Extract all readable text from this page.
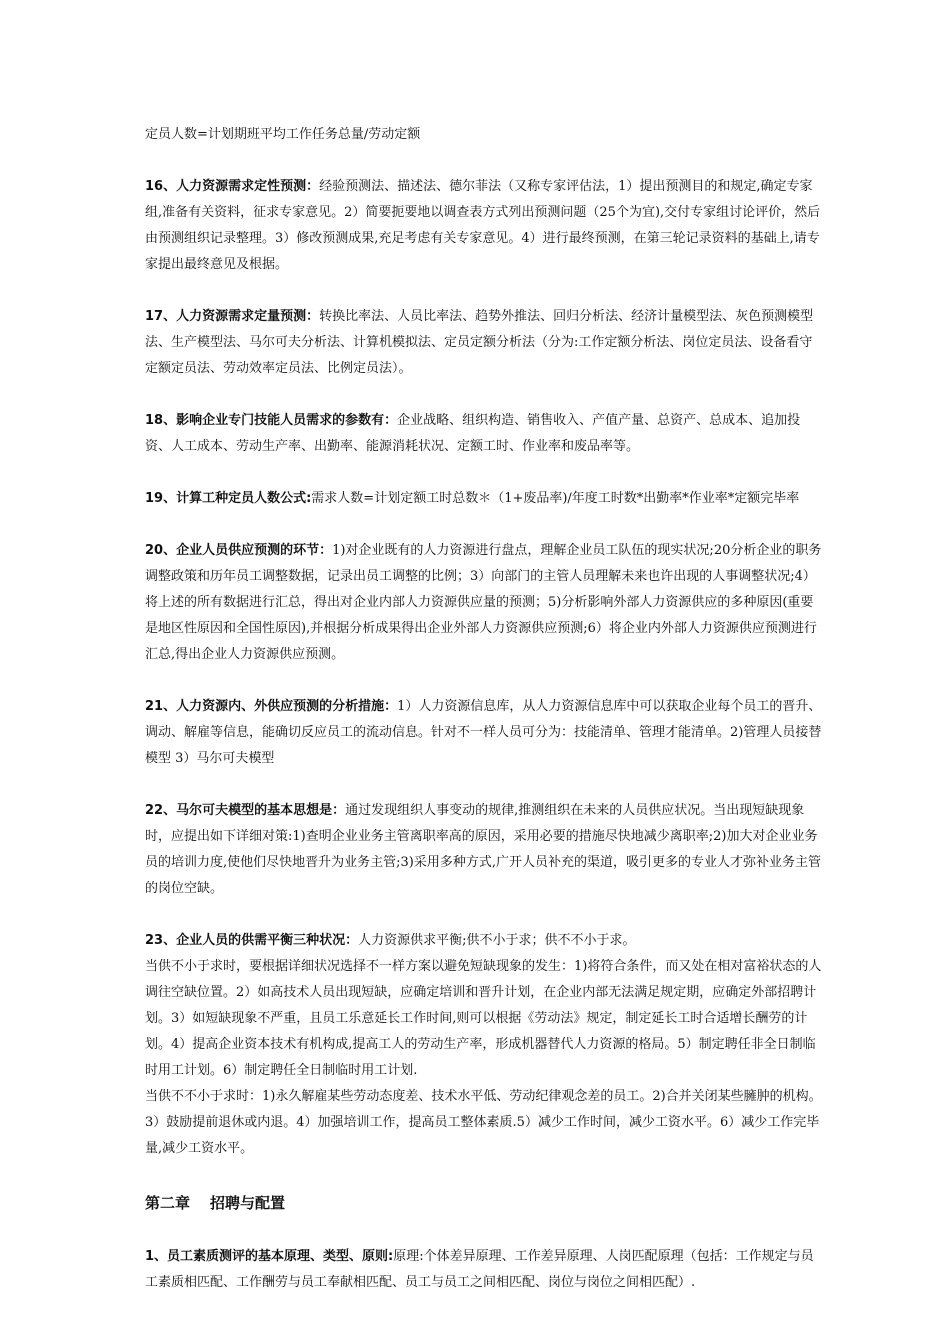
定员人数=计划期班平均工作任务总量/劳动定额

16、人力资源需求定性预测：经验预测法、描述法、德尔菲法（又称专家评估法，1）提出预测目的和规定,确定专家组,准备有关资料，征求专家意见。2）简要扼要地以调查表方式列出预测问题（25个为宜),交付专家组讨论评价，然后由预测组织记录整理。3）修改预测成果,充足考虑有关专家意见。4）进行最终预测，在第三轮记录资料的基础上,请专家提出最终意见及根据。

17、人力资源需求定量预测：转换比率法、人员比率法、趋势外推法、回归分析法、经济计量模型法、灰色预测模型法、生产模型法、马尔可夫分析法、计算机模拟法、定员定额分析法（分为:工作定额分析法、岗位定员法、设备看守定额定员法、劳动效率定员法、比例定员法）。

18、影响企业专门技能人员需求的参数有：企业战略、组织构造、销售收入、产值产量、总资产、总成本、追加投资、人工成本、劳动生产率、出勤率、能源消耗状况、定额工时、作业率和废品率等。

19、计算工种定员人数公式:需求人数=计划定额工时总数＊（1+废品率)/年度工时数*出勤率*作业率*定额完毕率

20、企业人员供应预测的环节：1)对企业既有的人力资源进行盘点，理解企业员工队伍的现实状况;20分析企业的职务调整政策和历年员工调整数据，记录出员工调整的比例；3）向部门的主管人员理解未来也许出现的人事调整状况;4）将上述的所有数据进行汇总，得出对企业内部人力资源供应量的预测；5)分析影响外部人力资源供应的多种原因(重要是地区性原因和全国性原因),并根据分析成果得出企业外部人力资源供应预测;6）将企业内外部人力资源供应预测进行汇总,得出企业人力资源供应预测。

21、人力资源内、外供应预测的分析措施：1）人力资源信息库，从人力资源信息库中可以获取企业每个员工的晋升、调动、解雇等信息，能确切反应员工的流动信息。针对不一样人员可分为：技能清单、管理才能清单。2)管理人员接替模型 3）马尔可夫模型

22、马尔可夫模型的基本思想是：通过发现组织人事变动的规律,推测组织在未来的人员供应状况。当出现短缺现象时，应提出如下详细对策:1)查明企业业务主管离职率高的原因，采用必要的措施尽快地减少离职率;2)加大对企业业务员的培训力度,使他们尽快地晋升为业务主管;3)采用多种方式,广开人员补充的渠道，吸引更多的专业人才弥补业务主管的岗位空缺。

23、企业人员的供需平衡三种状况：人力资源供求平衡;供不小于求；供不不小于求。

当供不小于求时，要根据详细状况选择不一样方案以避免短缺现象的发生：1)将符合条件，而又处在相对富裕状态的人调往空缺位置。2）如高技术人员出现短缺，应确定培训和晋升计划，在企业内部无法满足规定期，应确定外部招聘计划。3）如短缺现象不严重，且员工乐意延长工作时间,则可以根据《劳动法》规定，制定延长工时合适增长酬劳的计划。4）提高企业资本技术有机构成,提高工人的劳动生产率，形成机器替代人力资源的格局。5）制定聘任非全日制临时用工计划。6）制定聘任全日制临时用工计划.

当供不不小于求时：1)永久解雇某些劳动态度差、技术水平低、劳动纪律观念差的员工。2)合并关闭某些臃肿的机构。3）鼓励提前退休或内退。4）加强培训工作，提高员工整体素质.5）减少工作时间，减少工资水平。6）减少工作完毕量,减少工资水平。

第二章 招聘与配置

1、员工素质测评的基本原理、类型、原则:原理:个体差异原理、工作差异原理、人岗匹配原理（包括：工作规定与员工素质相匹配、工作酬劳与员工奉献相匹配、员工与员工之间相匹配、岗位与岗位之间相匹配）.
